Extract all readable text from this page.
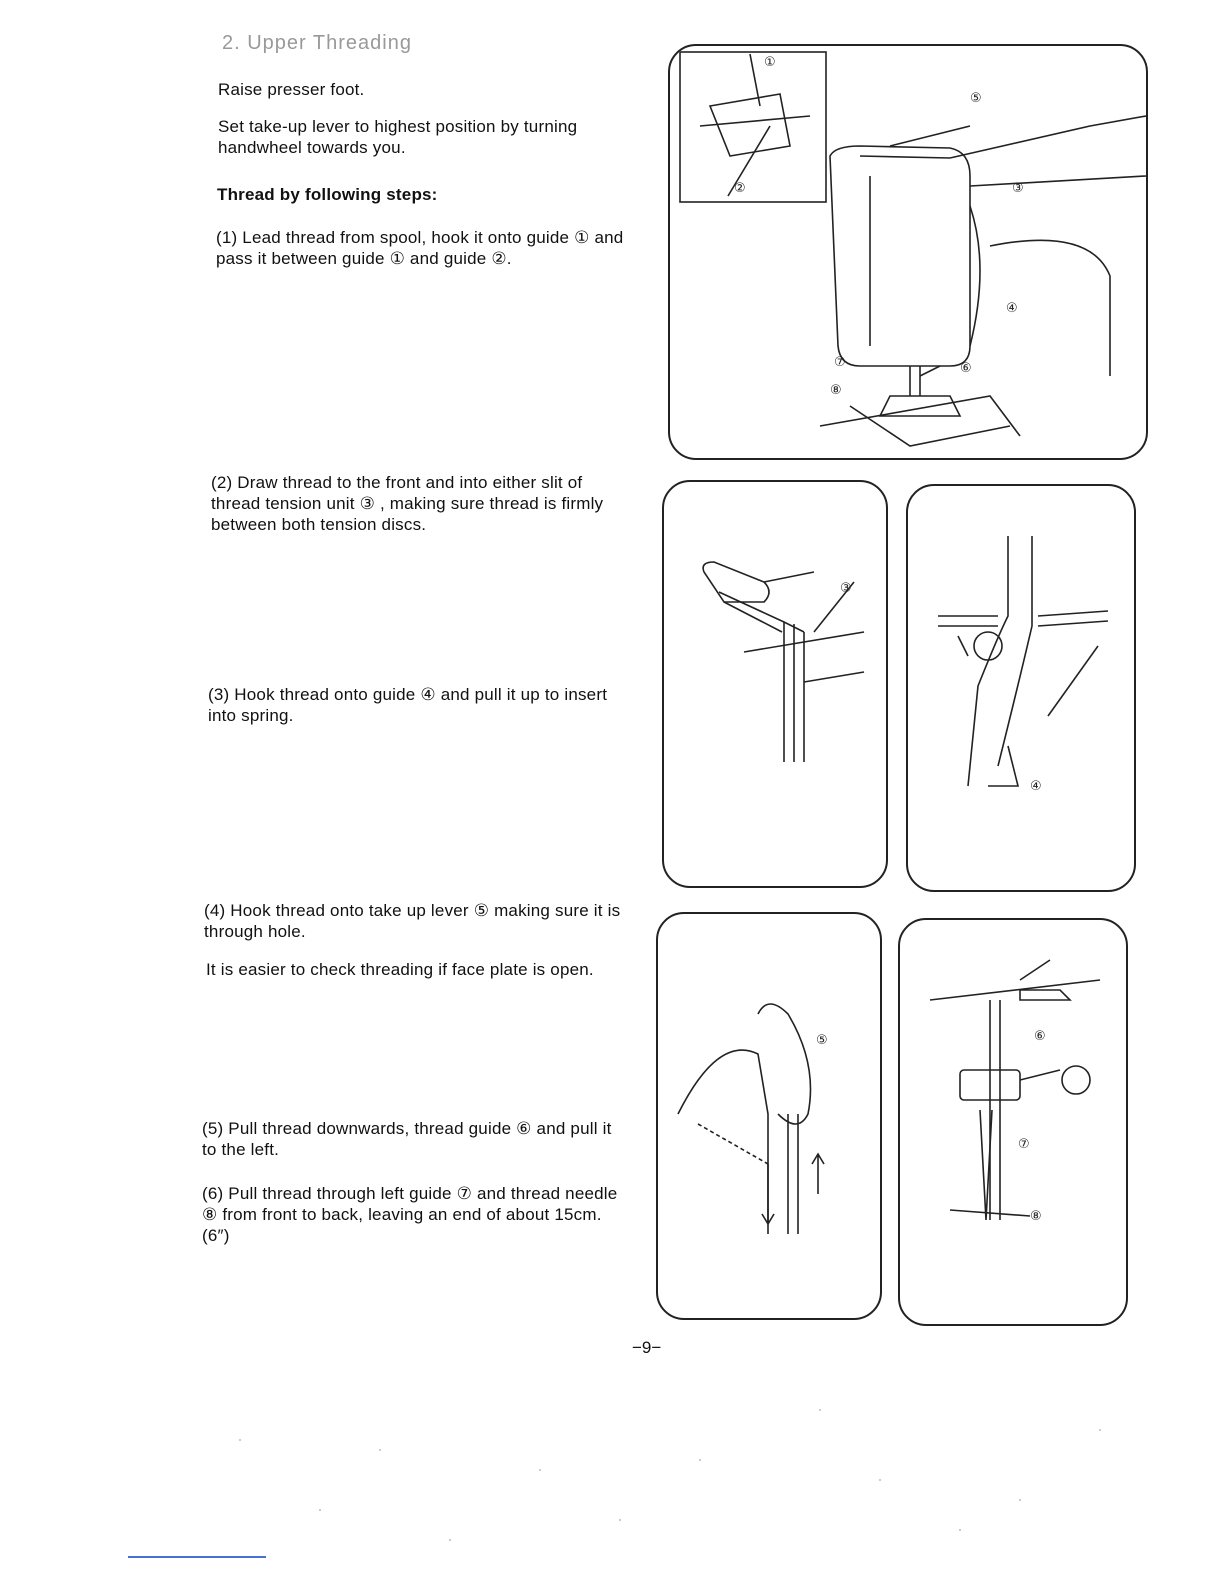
2. Upper Threading
Raise presser foot.
Set take-up lever to highest position by turning handwheel towards you.
Thread by following steps:
(1) Lead thread from spool, hook it onto guide ① and pass it between guide ① and guide ②.
(2) Draw thread to the front and into either slit of thread tension unit ③ , making sure thread is firmly between both tension discs.
(3) Hook thread onto guide ④ and pull it up to insert into spring.
(4) Hook thread onto take up lever ⑤ making sure it is through hole.
It is easier to check threading if face plate is open.
(5) Pull thread downwards, thread guide ⑥ and pull it to the left.
(6) Pull thread through left guide ⑦ and thread needle ⑧ from front to back, leaving an end of about 15cm. (6″)
①
②	③
④
⑤
⑥
⑦
⑧
③
④
⑤	⑥
⑦
⑧
−9−
